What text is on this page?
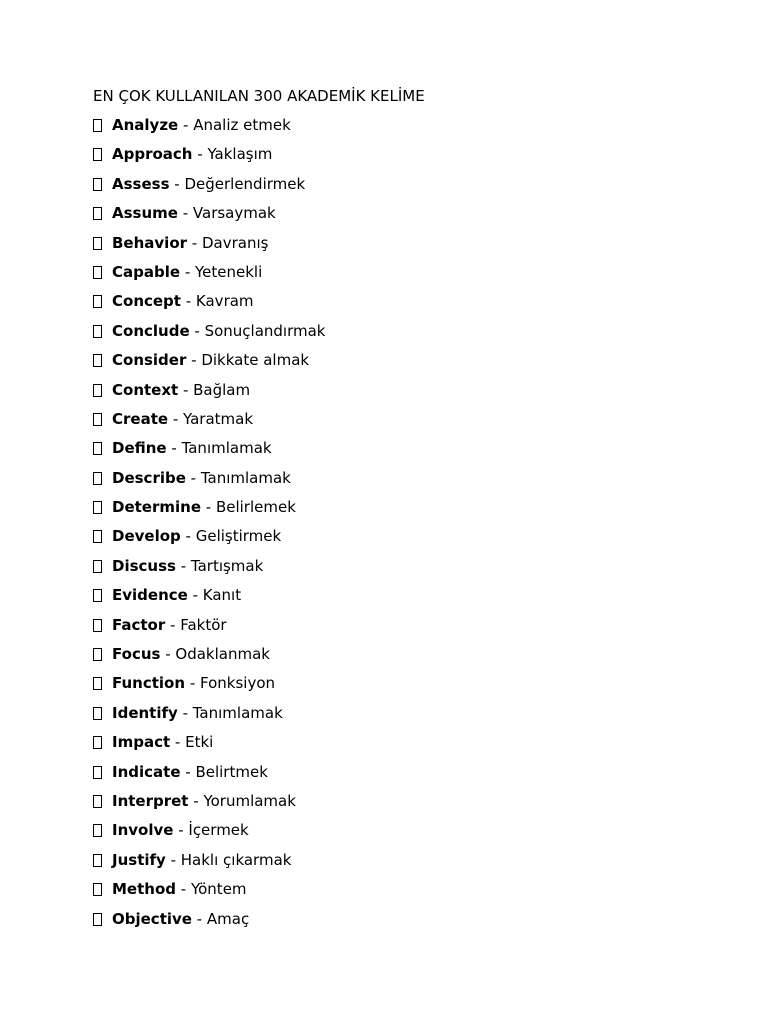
EN ÇOK KULLANILAN 300 AKADEMİK KELİME
Analyze - Analiz etmek
Approach - Yaklaşım
Assess - Değerlendirmek
Assume - Varsaymak
Behavior - Davranış
Capable - Yetenekli
Concept - Kavram
Conclude - Sonuçlandırmak
Consider - Dikkate almak
Context - Bağlam
Create - Yaratmak
Define - Tanımlamak
Describe - Tanımlamak
Determine - Belirlemek
Develop - Geliştirmek
Discuss - Tartışmak
Evidence - Kanıt
Factor - Faktör
Focus - Odaklanmak
Function - Fonksiyon
Identify - Tanımlamak
Impact - Etki
Indicate - Belirtmek
Interpret - Yorumlamak
Involve - İçermek
Justify - Haklı çıkarmak
Method - Yöntem
Objective - Amaç
